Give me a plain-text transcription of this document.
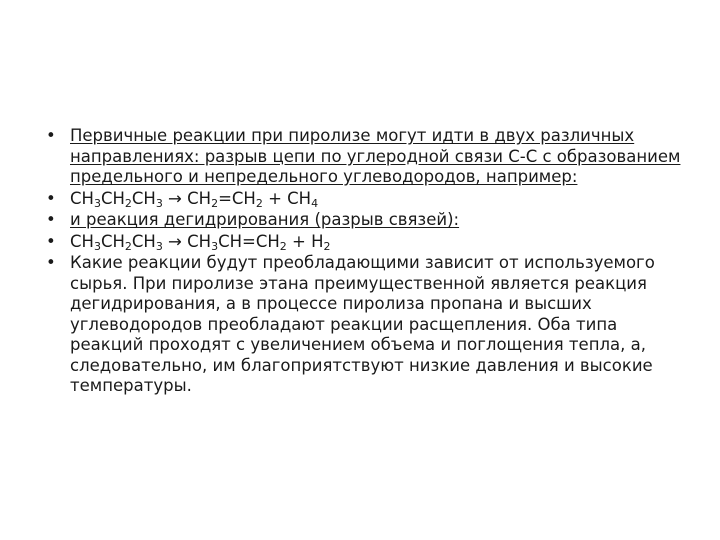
• Первичные реакции при пиролизе могут идти в двух различных направлениях: разрыв цепи по углеродной связи С-С с образованием предельного и непредельного углеводородов, например:
• $CH_3CH_2CH_3 \to CH_2=CH_2 + CH_4$
• и реакция дегидрирования (разрыв связей):
• $CH_3CH_2CH_3 \to CH_3CH=CH_2 + H_2$
• Какие реакции будут преобладающими зависит от используемого сырья. При пиролизе этана преимущественной является реакция дегидрирования, а в процессе пиролиза пропана и высших углеводородов преобладают реакции расщепления. Оба типа реакций проходят с увеличением объема и поглощения тепла, а, следовательно, им благоприятствуют низкие давления и высокие температуры.
